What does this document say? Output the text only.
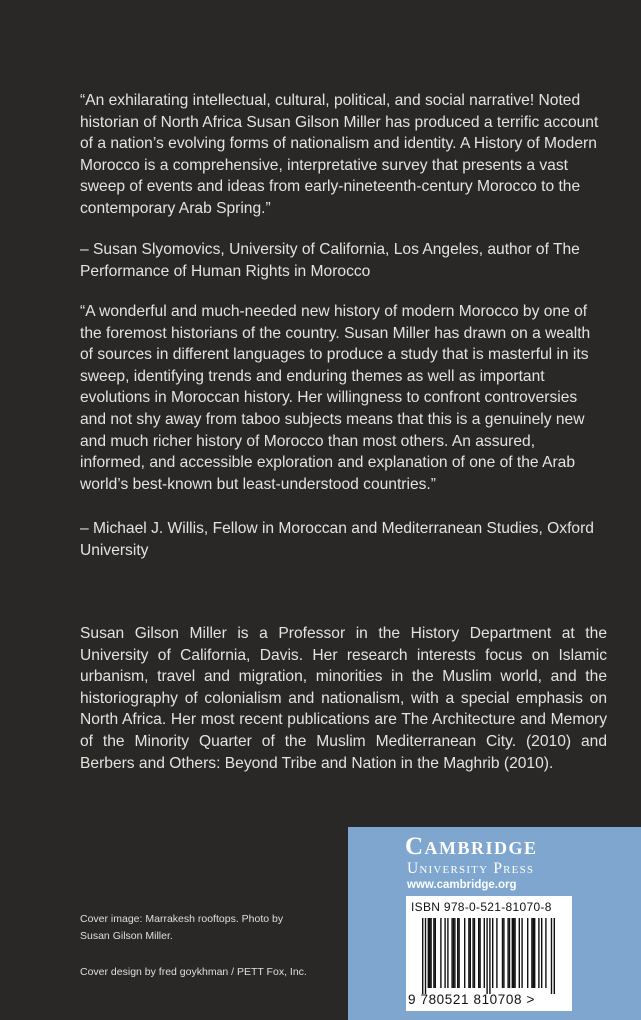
“An exhilarating intellectual, cultural, political, and social narrative! Noted historian of North Africa Susan Gilson Miller has produced a terrific account of a nation’s evolving forms of nationalism and identity. A History of Modern Morocco is a comprehensive, interpretative survey that presents a vast sweep of events and ideas from early-nineteenth-century Morocco to the contemporary Arab Spring.”

– Susan Slyomovics, University of California, Los Angeles, author of The Performance of Human Rights in Morocco

“A wonderful and much-needed new history of modern Morocco by one of the foremost historians of the country. Susan Miller has drawn on a wealth of sources in different languages to produce a study that is masterful in its sweep, identifying trends and enduring themes as well as important evolutions in Moroccan history. Her willingness to confront controversies and not shy away from taboo subjects means that this is a genuinely new and much richer history of Morocco than most others. An assured, informed, and accessible exploration and explanation of one of the Arab world’s best-known but least-understood countries.”

– Michael J. Willis, Fellow in Moroccan and Mediterranean Studies, Oxford University

Susan Gilson Miller is a Professor in the History Department at the University of California, Davis. Her research interests focus on Islamic urbanism, travel and migration, minorities in the Muslim world, and the historiography of colonialism and nationalism, with a special emphasis on North Africa. Her most recent publications are The Architecture and Memory of the Minority Quarter of the Muslim Mediterranean City. (2010) and Berbers and Others: Beyond Tribe and Nation in the Maghrib (2010).

Cover image: Marrakesh rooftops. Photo by Susan Gilson Miller.

Cover design by fred goykhman / PETT Fox, Inc.

Cambridge
University Press

www.cambridge.org

ISBN 978-0-521-81070-8

9 780521 810708 >
